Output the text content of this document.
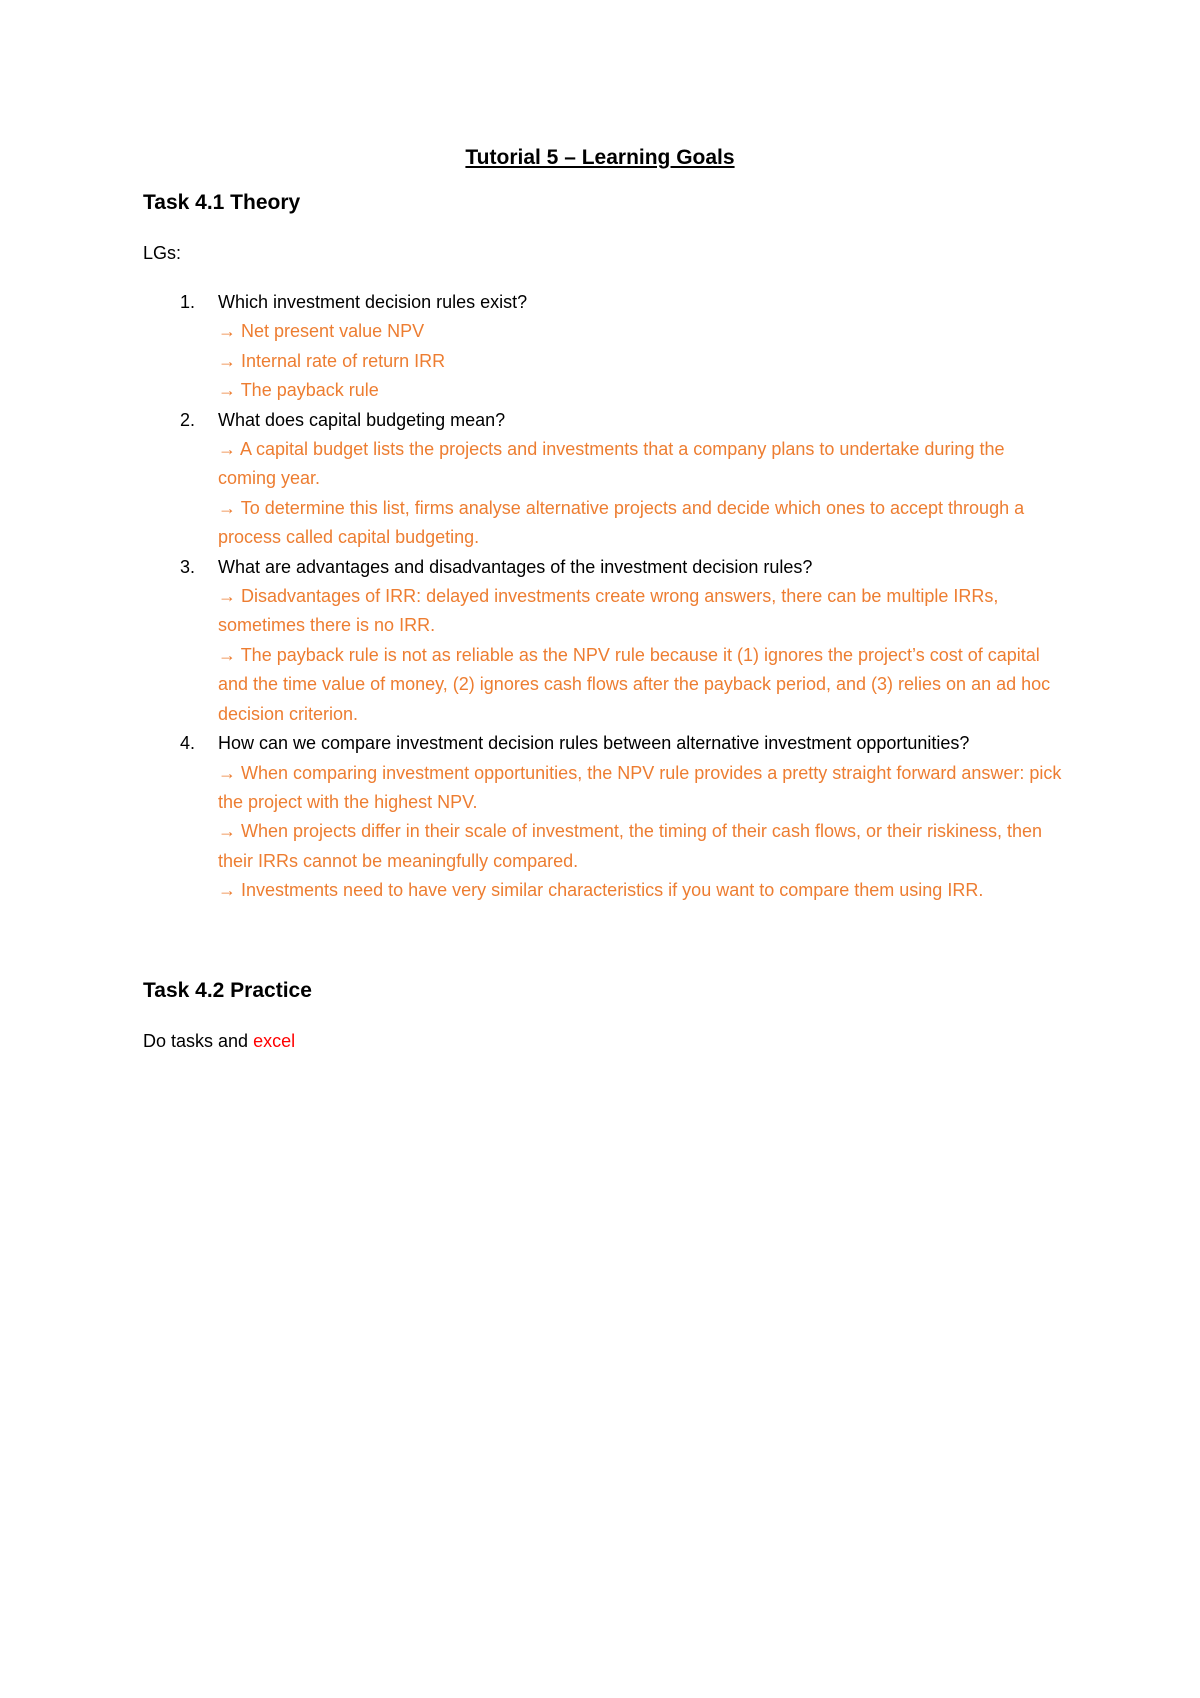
Tutorial 5 – Learning Goals
Task 4.1 Theory
LGs:
1. Which investment decision rules exist?
→ Net present value NPV
→ Internal rate of return IRR
→ The payback rule
2. What does capital budgeting mean?
→ A capital budget lists the projects and investments that a company plans to undertake during the coming year.
→ To determine this list, firms analyse alternative projects and decide which ones to accept through a process called capital budgeting.
3. What are advantages and disadvantages of the investment decision rules?
→ Disadvantages of IRR: delayed investments create wrong answers, there can be multiple IRRs, sometimes there is no IRR.
→ The payback rule is not as reliable as the NPV rule because it (1) ignores the project’s cost of capital and the time value of money, (2) ignores cash flows after the payback period, and (3) relies on an ad hoc decision criterion.
4. How can we compare investment decision rules between alternative investment opportunities?
→ When comparing investment opportunities, the NPV rule provides a pretty straight forward answer: pick the project with the highest NPV.
→ When projects differ in their scale of investment, the timing of their cash flows, or their riskiness, then their IRRs cannot be meaningfully compared.
→ Investments need to have very similar characteristics if you want to compare them using IRR.
Task 4.2 Practice
Do tasks and excel
